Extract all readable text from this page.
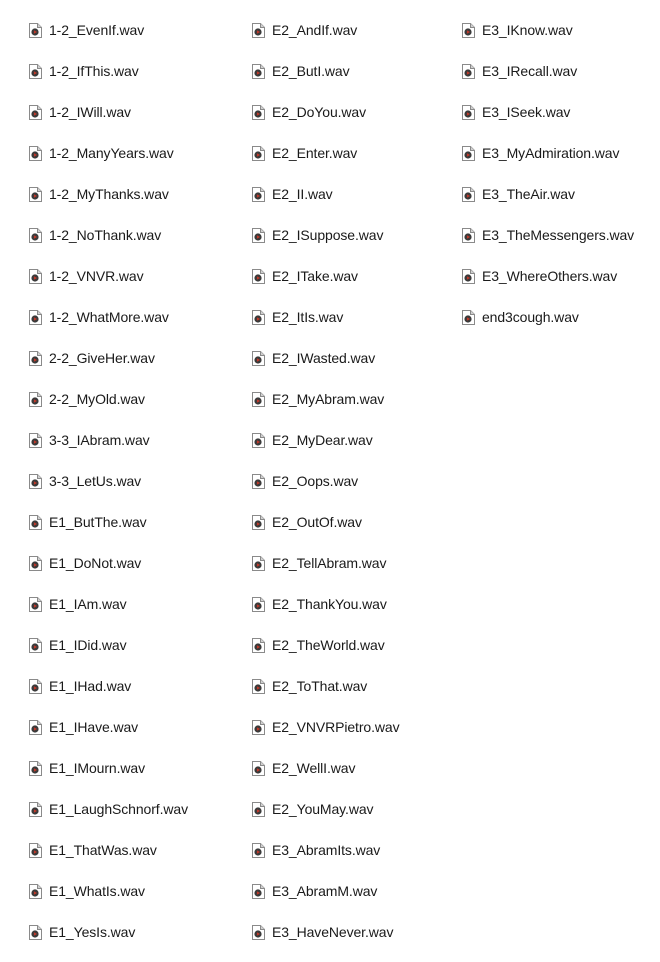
1-2_EvenIf.wav
1-2_IfThis.wav
1-2_IWill.wav
1-2_ManyYears.wav
1-2_MyThanks.wav
1-2_NoThank.wav
1-2_VNVR.wav
1-2_WhatMore.wav
2-2_GiveHer.wav
2-2_MyOld.wav
3-3_IAbram.wav
3-3_LetUs.wav
E1_ButThe.wav
E1_DoNot.wav
E1_IAm.wav
E1_IDid.wav
E1_IHad.wav
E1_IHave.wav
E1_IMourn.wav
E1_LaughSchnorf.wav
E1_ThatWas.wav
E1_WhatIs.wav
E1_YesIs.wav
E2_AndIf.wav
E2_ButI.wav
E2_DoYou.wav
E2_Enter.wav
E2_II.wav
E2_ISuppose.wav
E2_ITake.wav
E2_ItIs.wav
E2_IWasted.wav
E2_MyAbram.wav
E2_MyDear.wav
E2_Oops.wav
E2_OutOf.wav
E2_TellAbram.wav
E2_ThankYou.wav
E2_TheWorld.wav
E2_ToThat.wav
E2_VNVRPietro.wav
E2_WellI.wav
E2_YouMay.wav
E3_AbramIts.wav
E3_AbramM.wav
E3_HaveNever.wav
E3_IKnow.wav
E3_IRecall.wav
E3_ISeek.wav
E3_MyAdmiration.wav
E3_TheAir.wav
E3_TheMessengers.wav
E3_WhereOthers.wav
end3cough.wav
